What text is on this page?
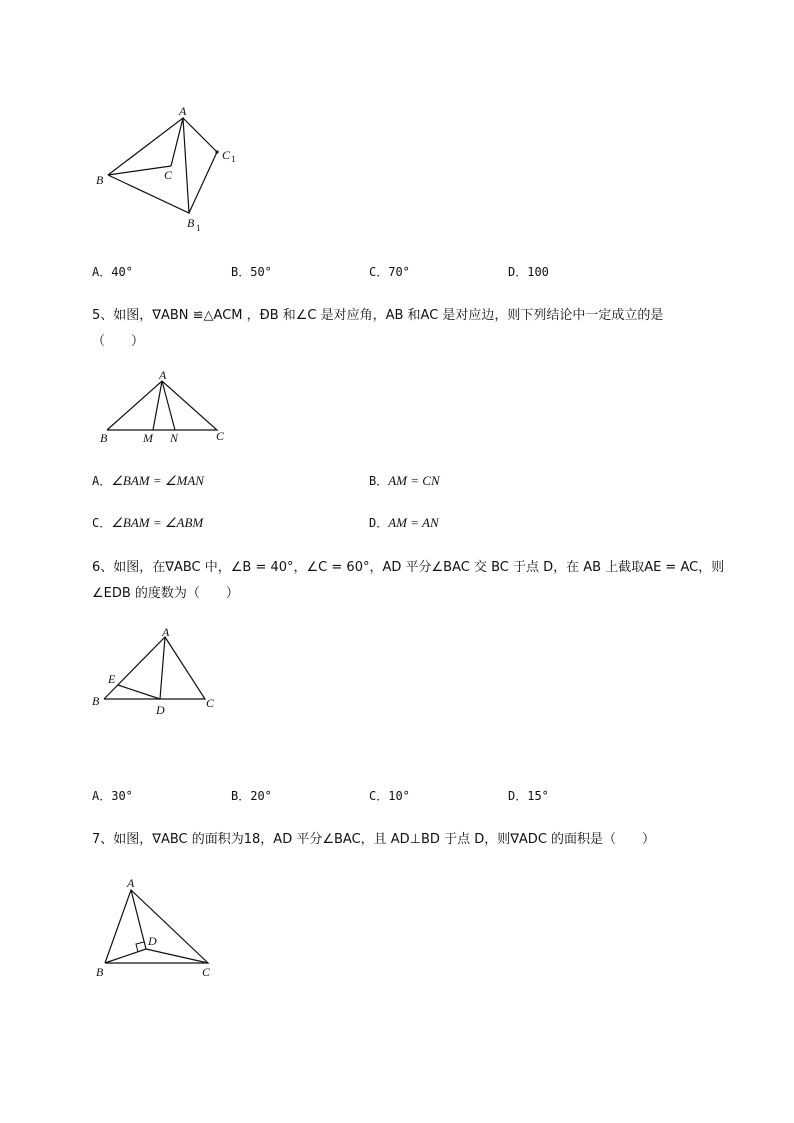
A
B	C
C 1
B 1
A．40°	B．50°	C．70°	D．100
5、如图，∇ABN ≌△ACM ，ÐB 和∠C 是对应角，AB 和AC 是对应边，则下列结论中一定成立的是
（　　）
A
B	M N	C
A．∠BAM = ∠MAN	B．AM = CN
C．∠BAM = ∠ABM	D．AM = AN
6、如图，在∇ABC 中，∠B = 40°，∠C = 60°，AD 平分∠BAC 交 BC 于点 D，在 AB 上截取AE = AC，则
∠EDB 的度数为（　　）
A
E
B
D	C
A．30°	B．20°	C．10°	D．15°
7、如图，∇ABC 的面积为18，AD 平分∠BAC，且 AD⊥BD 于点 D，则∇ADC 的面积是（　　）
A
D
B	C
